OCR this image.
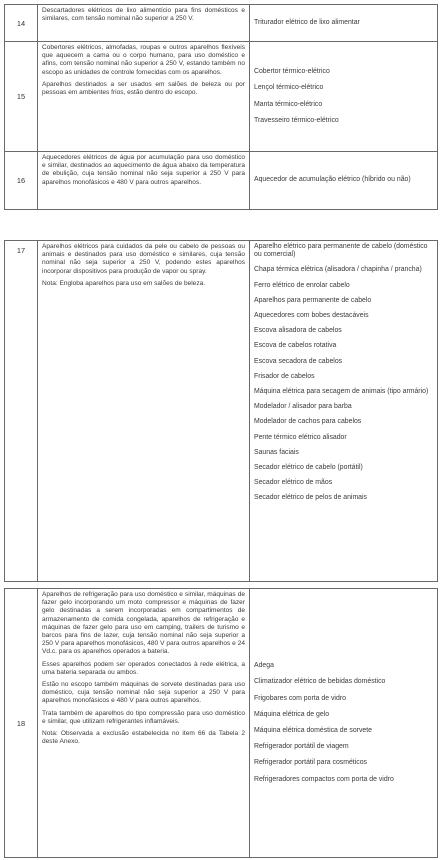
14

Descartadores elétricos de lixo alimentício para fins domésticos e similares, com tensão nominal não superior a 250 V.

Triturador elétrico de lixo alimentar
15

Cobertores elétricos, almofadas, roupas e outros aparelhos flexíveis que aquecem a cama ou o corpo humano, para uso doméstico e afins, com tensão nominal não superior a 250 V, estando também no escopo as unidades de controle fornecidas com os aparelhos.

Aparelhos destinados a ser usados em salões de beleza ou por pessoas em ambientes frios, estão dentro do escopo.

Cobertor térmico-elétrico
Lençol térmico-elétrico
Manta térmico-elétrico
Travesseiro térmico-elétrico
16

Aquecedores elétricos de água por acumulação para uso doméstico e similar, destinados ao aquecimento de água abaixo da temperatura de ebulição, cuja tensão nominal não seja superior a 250 V para aparelhos monofásicos e 480 V para outros aparelhos.	Aquecedor de acumulação elétrico (híbrido ou não)
17	Aparelhos elétricos para cuidados da pele ou cabelo de pessoas ou animais e destinados para uso doméstico e similares, cuja tensão nominal não seja superior a 250 V, podendo estes aparelhos incorporar dispositivos para produção de vapor ou spray.

Nota: Engloba aparelhos para uso em salões de beleza.

Aparelho elétrico para permanente de cabelo (doméstico ou comercial)
Chapa térmica elétrica (alisadora / chapinha / prancha)
Ferro elétrico de enrolar cabelo
Aparelhos para permanente de cabelo
Aquecedores com bobes destacáveis
Escova alisadora de cabelos
Escova de cabelos rotativa
Escova secadora de cabelos
Frisador de cabelos
Máquina elétrica para secagem de animais (tipo armário)
Modelador / alisador para barba
Modelador de cachos para cabelos
Pente térmico elétrico alisador
Saunas faciais
Secador elétrico de cabelo (portátil)
Secador elétrico de mãos
Secador elétrico de pelos de animais
18

Aparelhos de refrigeração para uso doméstico e similar, máquinas de fazer gelo incorporando um moto compressor e máquinas de fazer gelo destinadas a serem incorporadas em compartimentos de armazenamento de comida congelada, aparelhos de refrigeração e máquinas de fazer gelo para uso em camping, trailers de turismo e barcos para fins de lazer, cuja tensão nominal não seja superior a 250 V para aparelhos monofásicos, 480 V para outros aparelhos e 24 Vd.c. para os aparelhos operados a bateria.

Esses aparelhos podem ser operados conectados à rede elétrica, a uma bateria separada ou ambos.

Estão no escopo também máquinas de sorvete destinadas para uso doméstico, cuja tensão nominal não seja superior a 250 V para aparelhos monofásicos e 480 V para outros aparelhos.

Trata também de aparelhos do tipo compressão para uso doméstico e similar, que utilizam refrigerantes inflamáveis.

Nota: Observada a exclusão estabelecida no item 66 da Tabela 2 deste Anexo.

Adega
Climatizador elétrico de bebidas doméstico
Frigobares com porta de vidro
Máquina elétrica de gelo
Máquina elétrica doméstica de sorvete
Refrigerador portátil de viagem
Refrigerador portátil para cosméticos
Refrigeradores compactos com porta de vidro
